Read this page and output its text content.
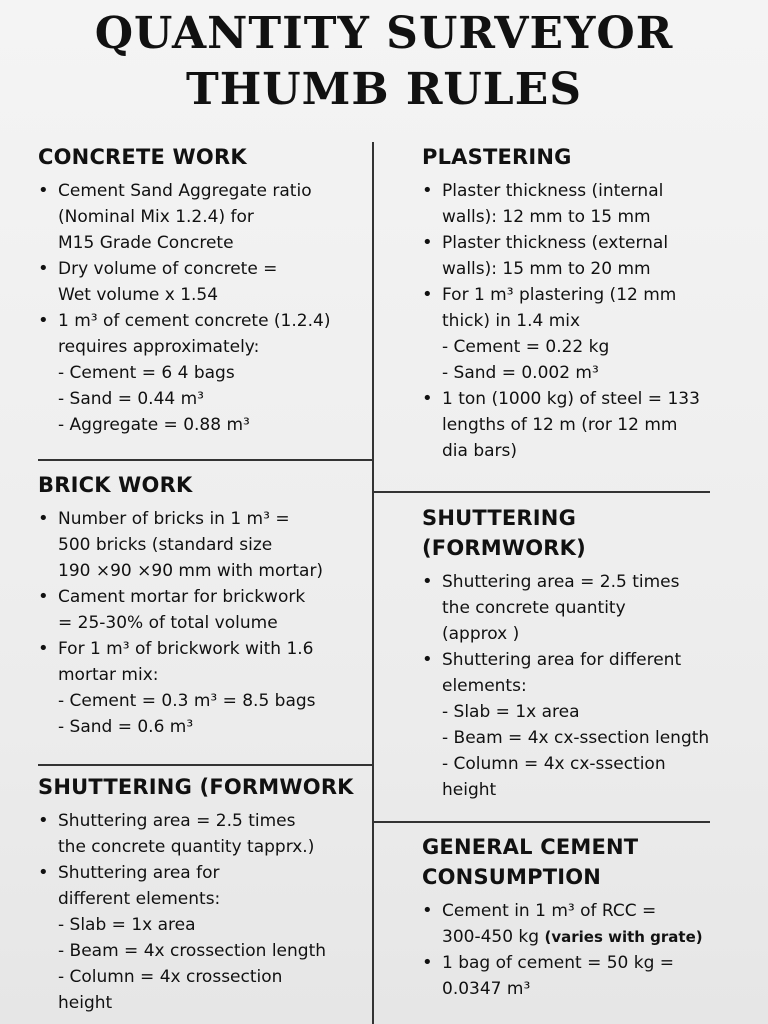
QUANTITY SURVEYOR
THUMB RULES
CONCRETE WORK
• Cement Sand Aggregate ratio
(Nominal Mix 1.2.4) for
M15 Grade Concrete
• Dry volume of concrete =
Wet volume x 1.54
• 1 m³ of cement concrete (1.2.4)
requires approximately:
- Cement = 6 4 bags
- Sand = 0.44 m³
- Aggregate = 0.88 m³
BRICK WORK
• Number of bricks in 1 m³ =
500 bricks (standard size
190 ×90 ×90 mm with mortar)
• Cament mortar for brickwork
= 25-30% of total volume
• For 1 m³ of brickwork with 1.6
mortar mix:
- Cement = 0.3 m³ = 8.5 bags
- Sand = 0.6 m³
SHUTTERING (FORMWORK
• Shuttering area = 2.5 times
the concrete quantity tapprx.)
• Shuttering area for
different elements:
- Slab = 1x area
- Beam = 4x crossection length
- Column = 4x crossection
height
PLASTERING
• Plaster thickness (internal
walls): 12 mm to 15 mm
• Plaster thickness (external
walls): 15 mm to 20 mm
• For 1 m³ plastering (12 mm
thick) in 1.4 mix
- Cement = 0.22 kg
- Sand = 0.002 m³
• 1 ton (1000 kg) of steel = 133
lengths of 12 m (ror 12 mm
dia bars)
SHUTTERING
(FORMWORK)
• Shuttering area = 2.5 times
the concrete quantity
(approx )
• Shuttering area for different
elements:
- Slab = 1x area
- Beam = 4x cx-ssection length
- Column = 4x cx-ssection
height
GENERAL CEMENT
CONSUMPTION
• Cement in 1 m³ of RCC =
300-450 kg (varies with grate)
• 1 bag of cement = 50 kg =
0.0347 m³
